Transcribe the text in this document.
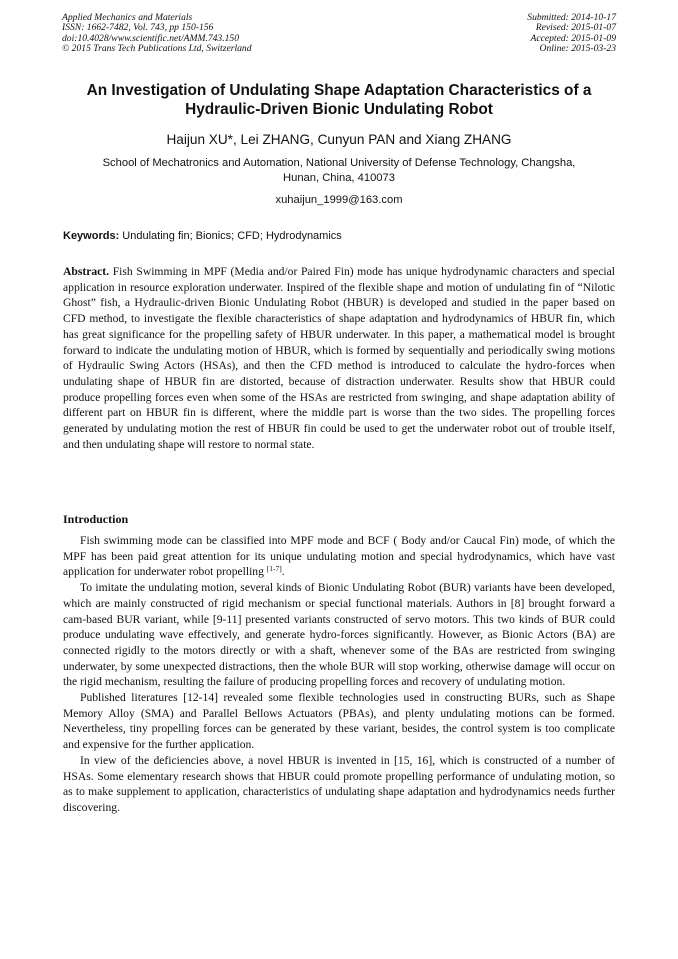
Applied Mechanics and Materials
ISSN: 1662-7482, Vol. 743, pp 150-156
doi:10.4028/www.scientific.net/AMM.743.150
© 2015 Trans Tech Publications Ltd, Switzerland
Submitted: 2014-10-17
Revised: 2015-01-07
Accepted: 2015-01-09
Online: 2015-03-23
An Investigation of Undulating Shape Adaptation Characteristics of a
Hydraulic-Driven Bionic Undulating Robot
Haijun XU*, Lei ZHANG, Cunyun PAN and Xiang ZHANG
School of Mechatronics and Automation, National University of Defense Technology, Changsha,
Hunan, China, 410073
xuhaijun_1999@163.com
Keywords: Undulating fin; Bionics; CFD; Hydrodynamics
Abstract. Fish Swimming in MPF (Media and/or Paired Fin) mode has unique hydrodynamic characters and special application in resource exploration underwater. Inspired of the flexible shape and motion of undulating fin of “Nilotic Ghost” fish, a Hydraulic-driven Bionic Undulating Robot (HBUR) is developed and studied in the paper based on CFD method, to investigate the flexible characteristics of shape adaptation and hydrodynamics of HBUR fin, which has great significance for the propelling safety of HBUR underwater. In this paper, a mathematical model is brought forward to indicate the undulating motion of HBUR, which is formed by sequentially and periodically swing motions of Hydraulic Swing Actors (HSAs), and then the CFD method is introduced to calculate the hydro-forces when undulating shape of HBUR fin are distorted, because of distraction underwater. Results show that HBUR could produce propelling forces even when some of the HSAs are restricted from swinging, and shape adaptation ability of different part on HBUR fin is different, where the middle part is worse than the two sides. The propelling forces generated by undulating motion the rest of HBUR fin could be used to get the underwater robot out of trouble itself, and then undulating shape will restore to normal state.
Introduction

Fish swimming mode can be classified into MPF mode and BCF ( Body and/or Caucal Fin) mode, of which the MPF has been paid great attention for its unique undulating motion and special hydrodynamics, which have vast application for underwater robot propelling [1-7].

To imitate the undulating motion, several kinds of Bionic Undulating Robot (BUR) variants have been developed, which are mainly constructed of rigid mechanism or special functional materials. Authors in [8] brought forward a cam-based BUR variant, while [9-11] presented variants constructed of servo motors. This two kinds of BUR could produce undulating wave effectively, and generate hydro-forces significantly. However, as Bionic Actors (BA) are connected rigidly to the motors directly or with a shaft, whenever some of the BAs are restricted from swinging underwater, by some unexpected distractions, then the whole BUR will stop working, otherwise damage will occur on the rigid mechanism, resulting the failure of producing propelling forces and recovery of undulating motion.

Published literatures [12-14] revealed some flexible technologies used in constructing BURs, such as Shape Memory Alloy (SMA) and Parallel Bellows Actuators (PBAs), and plenty undulating motions can be formed. Nevertheless, tiny propelling forces can be generated by these variant, besides, the control system is too complicate and expensive for the further application.

In view of the deficiencies above, a novel HBUR is invented in [15, 16], which is constructed of a number of HSAs. Some elementary research shows that HBUR could promote propelling performance of undulating motion, so as to make supplement to application, characteristics of undulating shape adaptation and hydrodynamics needs further discovering.
